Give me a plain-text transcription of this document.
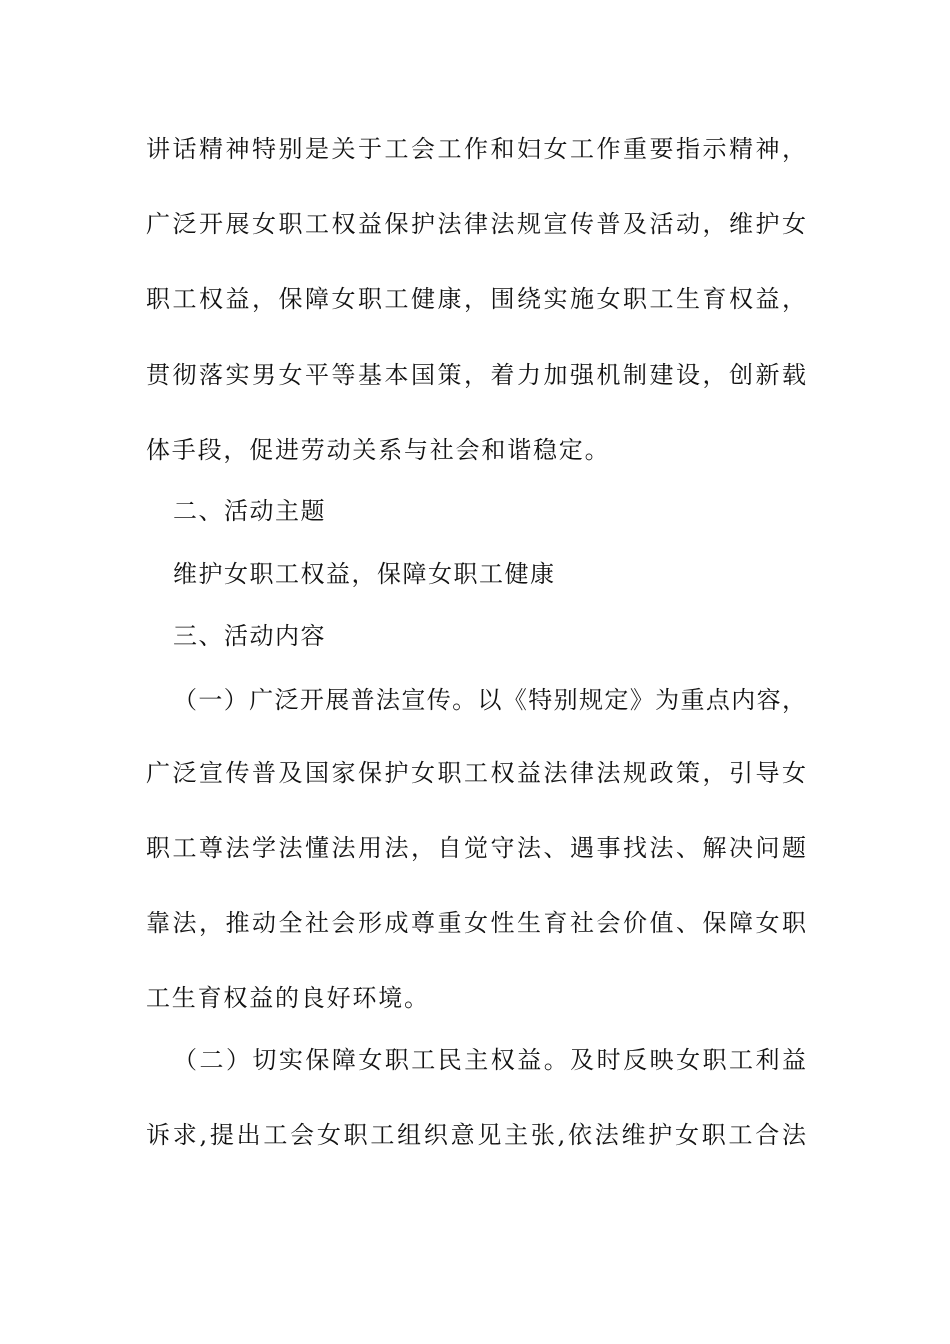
讲话精神特别是关于工会工作和妇女工作重要指示精神，
广泛开展女职工权益保护法律法规宣传普及活动，维护女
职工权益，保障女职工健康，围绕实施女职工生育权益，
贯彻落实男女平等基本国策，着力加强机制建设，创新载
体手段，促进劳动关系与社会和谐稳定。
二、活动主题
维护女职工权益，保障女职工健康
三、活动内容
（一）广泛开展普法宣传。以《特别规定》为重点内容，
广泛宣传普及国家保护女职工权益法律法规政策，引导女
职工尊法学法懂法用法，自觉守法、遇事找法、解决问题
靠法，推动全社会形成尊重女性生育社会价值、保障女职
工生育权益的良好环境。
（二）切实保障女职工民主权益。及时反映女职工利益
诉求,提出工会女职工组织意见主张,依法维护女职工合法
